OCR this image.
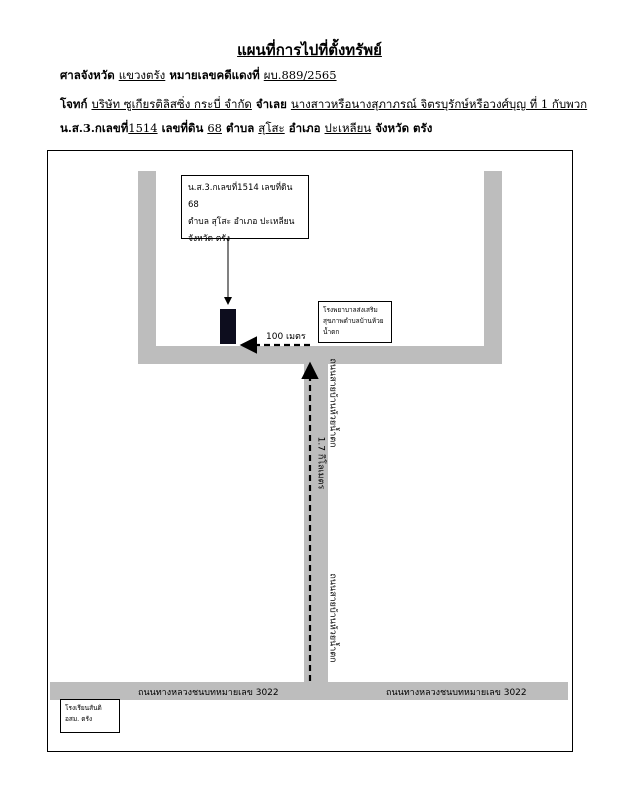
แผนที่การไปที่ตั้งทรัพย์
ศาลจังหวัด แขวงตรัง หมายเลขคดีแดงที่ ผบ.889/2565
โจทก์ บริษัท ซูเกียรติลิสซิ่ง กระบี่ จำกัด จำเลย นางสาวหรือนางสุภาภรณ์ จิตรบุรักษ์หรือวงศ์บุญ ที่ 1 กับพวก
น.ส.3.กเลขที่1514 เลขที่ดิน 68 ตำบล สุโสะ อำเภอ ปะเหลียน จังหวัด ตรัง
น.ส.3.กเลขที่1514 เลขที่ดิน 68
ตำบล สุโสะ อำเภอ ปะเหลียน
จังหวัด ตรัง
โรงพยาบาลส่งเสริม
สุขภาพตำบลบ้านห้วย
น้ำตก
100 เมตร
1.7 กิโลเมตร
ถนนสายบ้านห้วยน้ำตก
ถนนสายบ้านห้วยน้ำตก
ถนนทางหลวงชนบทหมายเลข 3022	ถนนทางหลวงชนบทหมายเลข 3022
โรงเรียนสันติ
อสม. ตรัง
